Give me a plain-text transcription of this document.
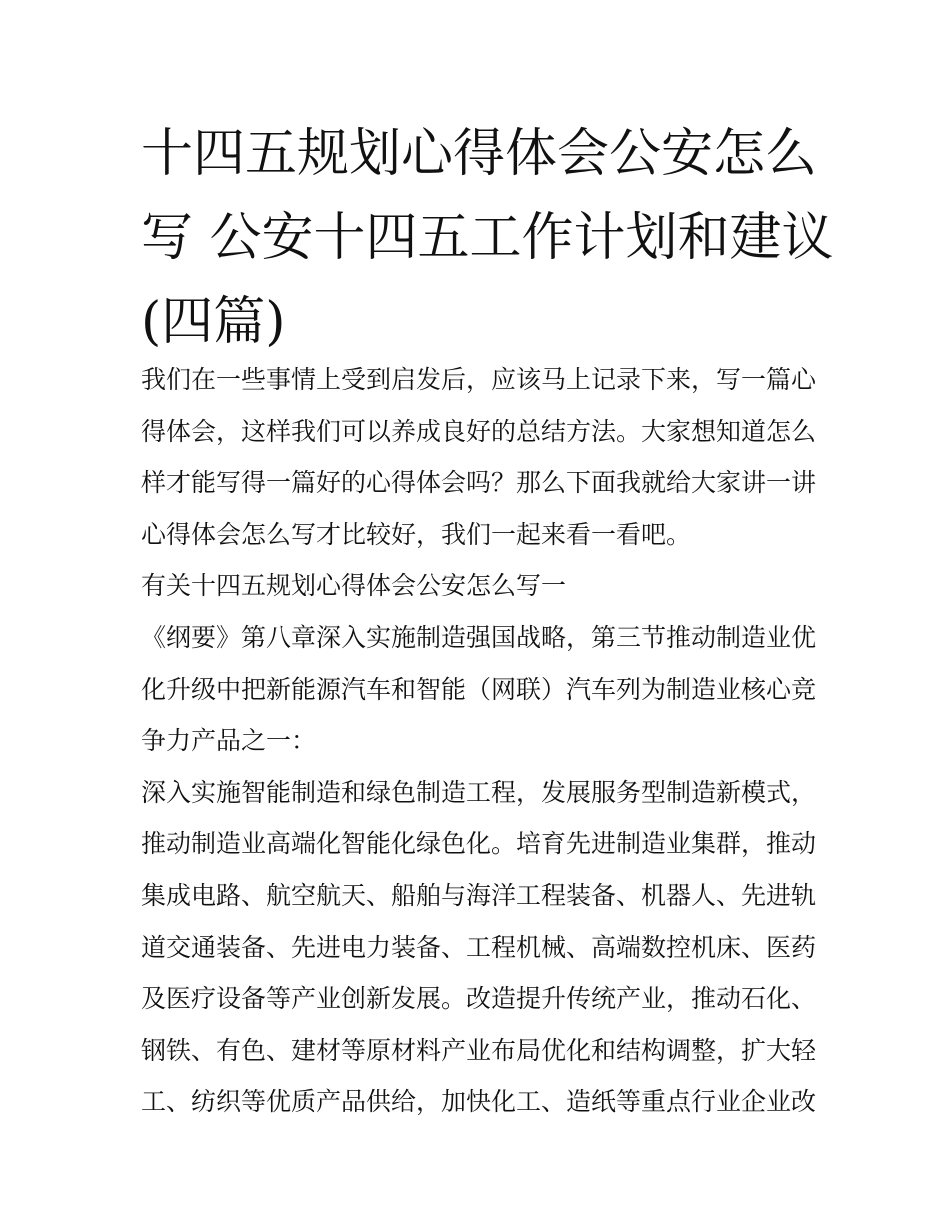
十四五规划心得体会公安怎么
写 公安十四五工作计划和建议
(四篇)
我们在一些事情上受到启发后，应该马上记录下来，写一篇心
得体会，这样我们可以养成良好的总结方法。大家想知道怎么
样才能写得一篇好的心得体会吗？那么下面我就给大家讲一讲
心得体会怎么写才比较好，我们一起来看一看吧。
有关十四五规划心得体会公安怎么写一
《纲要》第八章深入实施制造强国战略，第三节推动制造业优
化升级中把新能源汽车和智能（网联）汽车列为制造业核心竞
争力产品之一：
深入实施智能制造和绿色制造工程，发展服务型制造新模式，
推动制造业高端化智能化绿色化。培育先进制造业集群，推动
集成电路、航空航天、船舶与海洋工程装备、机器人、先进轨
道交通装备、先进电力装备、工程机械、高端数控机床、医药
及医疗设备等产业创新发展。改造提升传统产业，推动石化、
钢铁、有色、建材等原材料产业布局优化和结构调整，扩大轻
工、纺织等优质产品供给，加快化工、造纸等重点行业企业改
